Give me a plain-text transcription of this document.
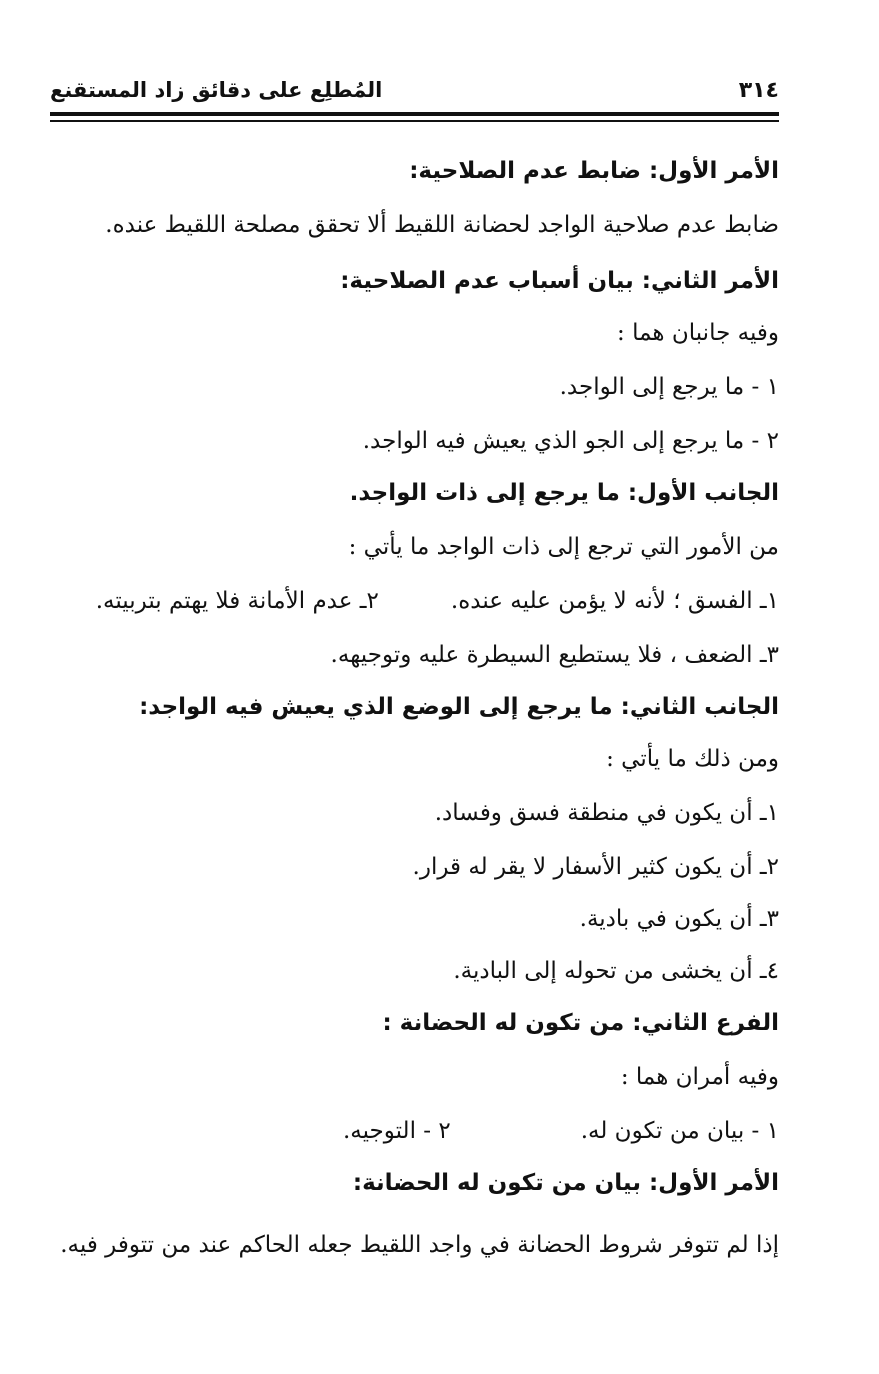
٣١٤
المُطلِع على دقائق زاد المستقنع
الأمر الأول: ضابط عدم الصلاحية:
ضابط عدم صلاحية الواجد لحضانة اللقيط ألا تحقق مصلحة اللقيط عنده.
الأمر الثاني: بيان أسباب عدم الصلاحية:
وفيه جانبان هما :
١ - ما يرجع إلى الواجد.
٢ - ما يرجع إلى الجو الذي يعيش فيه الواجد.
الجانب الأول: ما يرجع إلى ذات الواجد.
من الأمور التي ترجع إلى ذات الواجد ما يأتي :
١ـ الفسق ؛ لأنه لا يؤمن عليه عنده.٢ـ عدم الأمانة فلا يهتم بتربيته.
٣ـ الضعف ، فلا يستطيع السيطرة عليه وتوجيهه.
الجانب الثاني: ما يرجع إلى الوضع الذي يعيش فيه الواجد:
ومن ذلك ما يأتي :
١ـ أن يكون في منطقة فسق وفساد.
٢ـ أن يكون كثير الأسفار لا يقر له قرار.
٣ـ أن يكون في بادية.
٤ـ أن يخشى من تحوله إلى البادية.
الفرع الثاني: من تكون له الحضانة :
وفيه أمران هما :
١ - بيان من تكون له.٢ - التوجيه.
الأمر الأول: بيان من تكون له الحضانة:
إذا لم تتوفر شروط الحضانة في واجد اللقيط جعله الحاكم عند من تتوفر فيه.
